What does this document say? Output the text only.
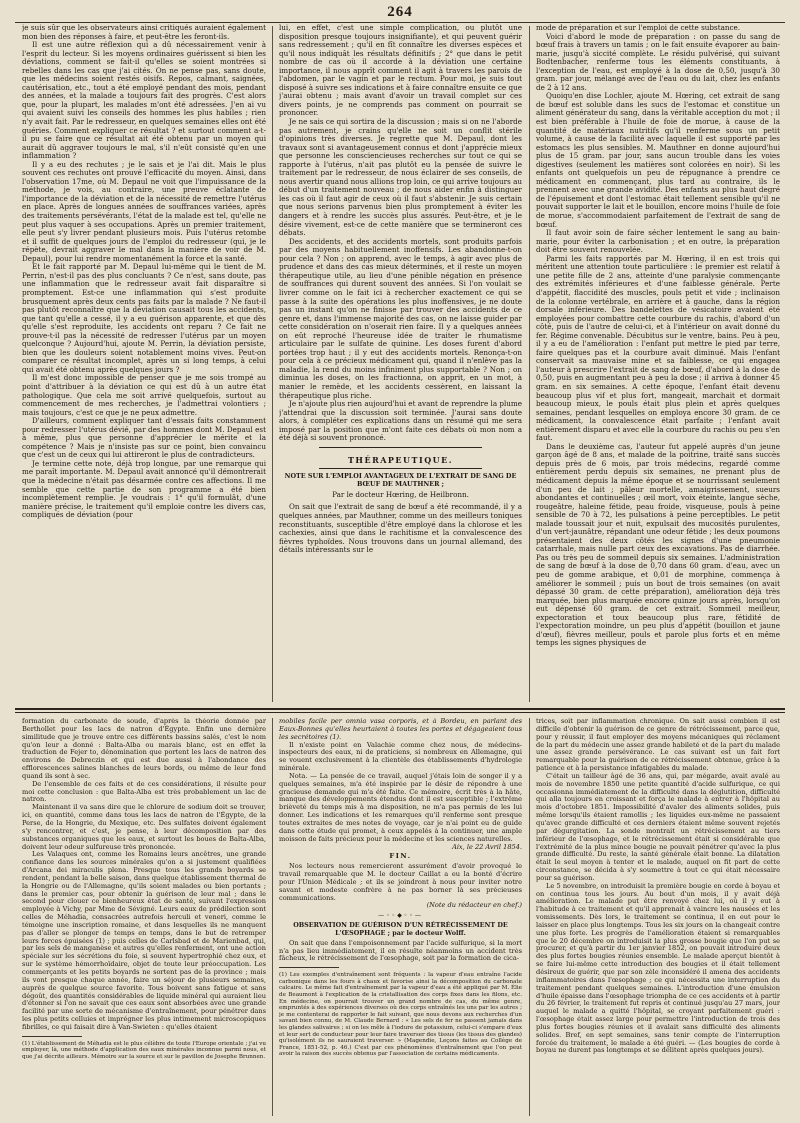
264

je suis sûr que les observateurs ainsi critiqués auraient également mon bien des réponses à faire, et peut-être les feront-ils.

Il est une autre réflexion qui a dû nécessairement venir à l'esprit du lecteur. Si les moyens ordinaires guérissent si bien les déviations, comment se fait-il qu'elles se soient montrées si rebelles dans les cas que j'ai cités. On ne pense pas, sans doute, que les médecins soient restés oisifs. Repos, calmant, saignées, cautérisation, etc., tout a été employé pendant des mois, pendant des années, et la malade a toujours fait des progrès. C'est alors que, pour la plupart, les malades m'ont été adressées. J'en ai vu qui avaient suivi les conseils des hommes les plus habiles ; rien n'y avait fait. Par le redresseur, en quelques semaines elles ont été guéries. Comment expliquer ce résultat ? et surtout comment a-t-il pu se faire que ce résultat ait été obtenu par un moyen qui aurait dû aggraver toujours le mal, s'il n'eût consisté qu'en une inflammation ?

Il y a eu des rechutes ; je le sais et je l'ai dit. Mais le plus souvent ces rechutes ont prouvé l'efficacité du moyen. Ainsi, dans l'observation 17me, où M. Depaul ne voit que l'impuissance de la méthode, je vois, au contraire, une preuve éclatante de l'importance de la déviation et de la nécessité de remettre l'utérus en place. Après de longues années de souffrances variées, après des traitements persévérants, l'état de la malade est tel, qu'elle ne peut plus vaquer à ses occupations. Après un premier traitement, elle peut s'y livrer pendant plusieurs mois. Puis l'utérus retombe et il suffit de quelques jours de l'emploi du redresseur (qui, je le répète, devrait aggraver le mal dans la manière de voir de M. Depaul), pour lui rendre momentanément la force et la santé.

Et le fait rapporté par M. Depaul lui-même qui le tient de M. Perrin, n'est-il pas des plus concluants ? Ce n'est, sans doute, pas une inflammation que le redresseur avait fait disparaître si promptement. Est-ce une inflammation qui s'est produite brusquement après deux cents pas faits par la malade ? Ne faut-il pas plutôt reconnaître que la déviation causait tous les accidents, que tant qu'elle a cessé, il y a eu guérison apparente, et que dès qu'elle s'est reproduite, les accidents ont reparu ? Ce fait ne prouve-t-il pas la nécessité de redresser l'utérus par un moyen quelconque ? Aujourd'hui, ajoute M. Perrin, la déviation persiste, bien que les douleurs soient notablement moins vives. Peut-on comparer ce résultat incomplet, après un si long temps, à celui qui avait été obtenu après quelques jours ?

Il m'est donc impossible de penser que je me sois trompé au point d'attribuer à la déviation ce qui est dû à un autre état pathologique. Que cela me soit arrivé quelquefois, surtout au commencement de mes recherches, je l'admettrai volontiers ; mais toujours, c'est ce que je ne peux admettre.

D'ailleurs, comment expliquer tant d'essais faits constamment pour redresser l'utérus dévié, par des hommes dont M. Depaul est à même, plus que personne d'apprécier le mérite et la compétence ? Mais je n'insiste pas sur ce point, bien convaincu que c'est un de ceux qui lui attireront le plus de contradicteurs.

Je termine cette note, déjà trop longue, par une remarque qui me paraît importante. M. Depaul avait annoncé qu'il démontrerait que la médecine n'était pas désarmée contre ces affections. Il me semble que cette partie de son programme a été bien incomplètement remplie. Je voudrais : 1° qu'il formulât, d'une manière précise, le traitement qu'il emploie contre les divers cas, compliqués de déviation (pour

lui, en effet, c'est une simple complication, ou plutôt une disposition presque toujours insignifiante), et qui peuvent guérir sans redressement ; qu'il en fît connaître les diverses espèces et qu'il nous indiquât les résultats définitifs ; 2° que dans le petit nombre de cas où il accorde à la déviation une certaine importance, il nous apprît comment il agit à travers les parois de l'abdomen, par le vagin et par le rectum. Pour moi, je suis tout disposé à suivre ses indications et à faire connaître ensuite ce que j'aurai obtenu ; mais avant d'avoir un travail complet sur ces divers points, je ne comprends pas comment on pourrait se prononcer.

Je ne sais ce qui sortira de la discussion ; mais si on ne l'aborde pas autrement, je crains qu'elle ne soit un conflit stérile d'opinions très diverses. Je regrette que M. Depaul, dont les travaux sont si avantageusement connus et dont j'apprécie mieux que personne les consciencieuses recherches sur tout ce qui se rapporte à l'utérus, n'ait pas plutôt eu la pensée de suivre le traitement par le redresseur, de nous éclairer de ses conseils, de nous avertir quand nous allions trop loin, ce qui arrive toujours au début d'un traitement nouveau ; de nous aider enfin à distinguer les cas où il faut agir de ceux où il faut s'abstenir. Je suis certain que nous serions parvenus bien plus promptement à éviter les dangers et à rendre les succès plus assurés. Peut-être, et je le désire vivement, est-ce de cette manière que se termineront ces débats.

Des accidents, et des accidents mortels, sont produits parfois par des moyens habituellement inoffensifs. Les abandonne-t-on pour cela ? Non ; on apprend, avec le temps, à agir avec plus de prudence et dans des cas mieux déterminés, et il reste un moyen thérapeutique utile, au lieu d'une pénible négation en présence de souffrances qui durent souvent des années. Si l'on voulait se livrer comme on le fait ici à rechercher exactement ce qui se passe à la suite des opérations les plus inoffensives, je ne doute pas un instant qu'on ne finisse par trouver des accidents de ce genre et, dans l'immense majorité des cas, on ne laisse guider par cette considération on n'oserait rien faire. Il y a quelques années on eût reproché l'heureuse idée de traiter le rhumatisme articulaire par le sulfate de quinine. Les doses furent d'abord portées trop haut ; il y eut des accidents mortels. Renonça-t-on pour cela à ce précieux médicament qui, quand il n'enlève pas la maladie, la rend du moins infiniment plus supportable ? Non ; on diminua les doses, on les fractionna, on apprit, en un mot, à manier le remède, et les accidents cessèrent, en laissant la thérapeutique plus riche.

Je n'ajoute plus rien aujourd'hui et avant de reprendre la plume j'attendrai que la discussion soit terminée. J'aurai sans doute alors, à compléter ces explications dans un résumé qui me sera imposé par la position que m'ont faite ces débats où mon nom a été déjà si souvent prononcé.

THÉRAPEUTIQUE.
NOTE SUR L'EMPLOI AVANTAGEUX DE L'EXTRAIT DE SANG DE BŒUF DE MAUTHNER ;
Par le docteur Hœring, de Heilbronn.

On sait que l'extrait de sang de bœuf a été recommandé, il y a quelques années, par Mauthner, comme un des meilleurs toniques reconstituants, susceptible d'être employé dans la chlorose et les cachexies, ainsi que dans le rachitisme et la convalescence des fièvres typhoïdes. Nous trouvons dans un journal allemand, des détails intéressants sur le

mode de préparation et sur l'emploi de cette substance.

Voici d'abord le mode de préparation : on passe du sang de bœuf frais à travers un tamis ; on le fait ensuite évaporer au bain-marie, jusqu'à siccité complète. Le résidu pulvérisé, qui suivant Bodtenbacher, renferme tous les éléments constituants, à l'exception de l'eau, est employé à la dose de 0,50, jusqu'à 30 gram. par jour, mélangé avec de l'eau ou du lait, chez les enfants de 2 à 12 ans.

Quoiqu'en dise Lochler, ajoute M. Hœring, cet extrait de sang de bœuf est soluble dans les sucs de l'estomac et constitue un aliment générateur du sang, dans la véritable acception du mot ; il est bien préférable à l'huile de foie de morue, à cause de la quantité de matériaux nutritifs qu'il renferme sous un petit volume, à cause de la facilité avec laquelle il est supporté par les estomacs les plus sensibles. M. Mauthner en donne aujourd'hui plus de 15 gram. par jour, sans aucun trouble dans les voies digestives (seulement les matières sont colorées en noir). Si les enfants ont quelquefois un peu de répugnance à prendre ce médicament en commençant, plus tard au contraire, ils le prennent avec une grande avidité. Des enfants au plus haut degré de l'épuisement et dont l'estomac était tellement sensible qu'il ne pouvait supporter le lait et le bouillon, encore moins l'huile de foie de morue, s'accommodaient parfaitement de l'extrait de sang de bœuf.

Il faut avoir soin de faire sécher lentement le sang au bain-marie, pour éviter la carbonisation ; et en outre, la préparation doit être souvent renouvelée.

Parmi les faits rapportés par M. Hœring, il en est trois qui méritent une attention toute particulière : le premier est relatif à une petite fille de 2 ans, atteinte d'une paralysie commençante des extrémités inférieures et d'une faiblesse générale. Perte d'appétit, flaccidité des muscles, pouls petit et vide ; inclinaison de la colonne vertébrale, en arrière et à gauche, dans la région dorsale inférieure. Des bandelettes de vésicatoire avaient été employées pour combattre cette courbure du rachis, d'abord d'un côté, puis de l'autre de celui-ci, et à l'intérieur on avait donné du fer. Régime convenable. Décubitus sur le ventre, bains. Peu à peu, il y a eu de l'amélioration : l'enfant put mettre le pied par terre, faire quelques pas et la courbure avait diminué. Mais l'enfant conservait sa mauvaise mine et sa faiblesse, ce qui engagea l'auteur à prescrire l'extrait de sang de bœuf, d'abord à la dose de 0,50, puis en augmentant peu à peu la dose ; il arriva à donner 45 gram. en six semaines. A cette époque, l'enfant était devenu beaucoup plus vif et plus fort, mangeait, marchait et dormait beaucoup mieux, le pouls était plus plein et après quelques semaines, pendant lesquelles on employa encore 30 gram. de ce médicament, la convalescence était parfaite ; l'enfant avait entièrement disparu et avec elle la courbure du rachis ou peu s'en faut.

Dans le deuxième cas, l'auteur fut appelé auprès d'un jeune garçon âgé de 8 ans, et malade de la poitrine, traité sans succès depuis près de 6 mois, par trois médecins, regardé comme entièrement perdu depuis six semaines, ne prenant plus de médicament depuis la même époque et se nourrissant seulement d'un peu de lait ; pâleur mortelle, amaigrissement, sueurs abondantes et continuelles ; œil mort, voix éteinte, langue sèche, rougeâtre, haleine fétide, peau froide, visqueuse, pouls à peine sensible de 70 à 72, les pulsations à peine perceptibles. Le petit malade toussait jour et nuit, expulsait des mucosités purulentes, d'un vert-jaunâtre, répandant une odeur fétide ; les deux poumons présentaient des deux côtés les signes d'une pneumonie catarrhale, mais nulle part ceux des excavations. Pas de diarrhée. Pas ou très peu de sommeil depuis six semaines. L'administration de sang de bœuf à la dose de 0,70 dans 60 gram. d'eau, avec un peu de gomme arabique, et 0,01 de morphine, commença à améliorer le sommeil ; puis un bout de trois semaines (on avait dépassé 30 gram. de cette préparation), amélioration déjà très marquée, bien plus marquée encore quinze jours après, lorsqu'on eut dépensé 60 gram. de cet extrait. Sommeil meilleur, expectoration et toux beaucoup plus rare, fétidité de l'expectoration moindre, un peu plus d'appétit (bouillon et jaune d'œuf), fièvres meilleur, pouls et parole plus forts et en même temps les signes physiques de

formation du carbonate de soude, d'après la théorie donnée par Berthollet pour les lacs de natron d'Égypte. Enfin une dernière similitude que je trouve entre ces différents bassins salés, c'est le nom qu'on leur a donné : Balta-Alba ou marais blanc, est en effet la traduction de Fejer to, dénomination que portent les lacs de natron des environs de Debreczin et qui est due aussi à l'abondance des efflorescences salines blanches de leurs bords, ou même de leur fond quand ils sont à sec.

De l'ensemble de ces faits et de ces considérations, il résulte pour moi cette conclusion : que Balta-Alba est très probablement un lac de natron.

Maintenant il va sans dire que le chlorure de sodium doit se trouver, ici, en quantité, comme dans tous les lacs de natron de l'Égypte, de la Perse, de la Hongrie, du Mexique, etc. Des sulfates doivent également s'y rencontrer, et c'est, je pense, à leur décomposition par des substances organiques que les eaux, et surtout les boues de Balta-Alba, doivent leur odeur sulfureuse très prononcée.

Les Valaques ont, comme les Romains leurs ancêtres, une grande confiance dans les sources minérales qu'on a si justement qualifiées d'Arcana dei miraculis plena. Presque tous les grands boyards se rendent, pendant la belle saison, dans quelque établissement thermal de la Hongrie ou de l'Allemagne, qu'ils soient malades ou bien portants ; dans le premier cas, pour obtenir la guérison de leur mal ; dans le second pour clouer ce bienheureux état de santé, suivant l'expression employée à Vichy, par Mme de Sévigné. Leurs eaux de prédilection sont celles de Méhadia, consacrées autrefois herculi et veneri, comme le témoigne une inscription romaine, et dans lesquelles ils ne manquent pas d'aller se plonger de temps en temps, dans le but de retremper leurs forces épuisées (1) ; puis celles de Carlsbad et de Marienbad, qui, par les sels de manganèse et autres qu'elles renferment, ont une action spéciale sur les sécrétions du foie, si souvent hypertrophié chez eux, et sur le système hémorrhoïdaire, objet de toute leur préoccupation. Les commerçants et les petits boyards ne sortent pas de la province ; mais ils vont presque chaque année, faire un séjour de plusieurs semaines, auprès de quelque source favorite. Tous boivent sans fatigue et sans dégoût, des quantités considérables de liquide minéral qui auraient lieu d'étonner si l'on ne savait que ces eaux sont absorbées avec une grande facilité par une sorte de mécanisme d'entraînement, pour pénétrer dans les plus petits celluies et imprégner les plus intimement microscopiques fibrilles, ce qui faisait dire à Van-Swieten : qu'elles étaient

(1) L'établissement de Méhadia est le plus célèbre de toute l'Europe orientale ; j'ai vu employer, là, une méthode d'application des eaux minérales inconnue parmi nous, et que j'ai décrite ailleurs. Mémoire sur la source et sur le pavillon de Josephe Brunnen.

mobiles facile per omnia vasa corporis, et à Bordeu, en parlant des Eaux-Bonnes qu'elles heurtaient à toutes les portes et dégageaient tous les secrétoires (1).

Il n'existe point en Valachie comme chez nous, de médecins-inspecteurs des eaux, ni de praticiens, si nombreux en Allemagne, qui se vouent exclusivement à la clientèle des établissements d'hydrologie minérale.

Nota. — La pensée de ce travail, auquel j'étais loin de songer il y a quelques semaines, m'a été inspirée par le désir de répondre à une gracieuse demande qui m'a été faite. Ce mémoire, écrit très à la hâte, manque des développements étendus dont il est susceptible ; l'extrême brièveté du temps mis à ma disposition, ne m'a pas permis de les lui donner. Les indications et les remarques qu'il renferme sont presque toutes extraites de mes notes de voyage, car je n'ai point eu de guide dans cette étude qui promet, à ceux appelés à la continuer, une ample moisson de faits précieux pour la médecine et les sciences naturelles.

Aix, le 22 Avril 1854.
FIN.

Nos lecteurs nous remercieront assurément d'avoir provoqué le travail remarquable que M. le docteur Caillat a eu la bonté d'écrire pour l'Union Médicale ; et ils se joindront à nous pour inviter notre savant et modeste confrère à ne pas borner là ses précieuses communications.

(Note du rédacteur en chef.)
—◦◦◆◦◦—
OBSERVATION DE GUÉRISON D'UN RÉTRÉCISSEMENT DE L'ŒSOPHAGE ; par le docteur Wolff.

On sait que dans l'empoisonnement par l'acide sulfurique, si la mort n'a pas lieu immédiatement, il en résulte néanmoins un accident très fâcheux, le rétrécissement de l'œsophage, soit par la formation de cica-

(1) Les exemples d'entraînement sont fréquents : la vapeur d'eau entraîne l'acide carbonique dans les fours à chaux et favorise ainsi la décomposition du carbonate calcaire. Le même fait d'entraînement par la vapeur d'eau a été appliqué par M. Élie de Beaumont à l'explication de la cristallisation des corps fixes dans les filons, etc. En médecine, on pourrait trouver un grand nombre de cas, du même genre, empruntés à des expériences diverses où des corps entraînés les uns par les autres ; je me contenterai de rapporter le fait suivant, que nous devons aux recherches d'un savant bien connu, de M. Claude Bernard : « Les sels de fer ne passent jamais dans les glandes salivaires ; si on les mêle à l'iodure de potassium, celui-ci s'empare d'eux et leur sert de conducteur pour leur faire traverser des tissus (les tissus des glandes) qu'isolément ils ne sauraient traverser. » (Magendie, Leçons faites au Collège de France, 1851-52, p. 46.) C'est par ces phénomènes d'entraînement que l'on peut avoir la raison des succès obtenus par l'association de certains médicaments.

trices, soit par inflammation chronique. On sait aussi combien il est difficile d'obtenir la guérison de ce genre de rétrécissement, parce que, pour y réussir, il faut employer des moyens mécaniques qui réclament de la part du médecin une assez grande habileté et de la part du malade une assez grande persévérance. Le cas suivant est un fait fort remarquable pour la guérison de ce rétrécissement obtenue, grâce à la patience et à la persistance infatigables du malade.

C'était un tailleur âgé de 36 ans, qui, par mégarde, avait avalé au mois de novembre 1850 une petite quantité d'acide sulfurique, ce qui occasionna immédiatement de la difficulté dans la déglutition, difficulté qui alla toujours en croissant et força le malade à entrer à l'hôpital au mois d'octobre 1851. Impossibilité d'avaler des aliments solides, puis même lorsqu'ils étaient ramollis ; les liquides eux-même ne passaient qu'avec grande difficulté et ces derniers étaient même souvent rejetés par dégurgitation. La sonde montrait un rétrécissement au tiers inférieur de l'œsophage, et le rétrécissement était si considérable que l'extrémité de la plus mince bougie ne pouvait pénétrer qu'avec la plus grande difficulté. Du reste, la santé générale était bonne. La dilatation était le seul moyen à tenter et le malade, auquel on fit part de cette circonstance, se décida à s'y soumettre à tout ce qui était nécessaire pour sa guérison.

Le 5 novembre, on introduisit la première bougie en corde à boyau et on continua tous les jours. Au bout d'un mois, il y avait déjà amélioration. Le malade put être renvoyé chez lui, où il y eut à l'habitude à ce traitement et qu'il apprenait à vaincre les nausées et les vomissements. Dès lors, le traitement se continua, il en eut pour le laisser en place plus longtemps. Tous les six jours on la changeait contre une plus forte. Les progrès de l'amélioration étaient si remarquables que le 20 décembre on introduisit la plus grosse bougie que l'on put se procurer, et qu'à partir du 1er janvier 1852, on pouvait introduire deux des plus fortes bougies réunies ensemble. Le malade aperçut bientôt à se faire lui-même cette introduction des bougies et il était tellement désireux de guérir, que par son zèle inconsidéré il amena des accidents inflammatoires dans l'œsophage ; ce qui nécessita une interruption du traitement pendant quelques semaines. L'introduction d'une émulsion d'huile épaisse dans l'œsophage triompha de ce ces accidents et à partir du 26 février, le traitement fut repris et continué jusqu'au 27 mars, jour auquel le malade a quitté l'hôpital, se croyant parfaitement guéri : l'œsophage était assez large pour permettre l'introduction de trois des plus fortes bougies réunies et il avalait sans difficulté des aliments solides. Bref, en sept semaines, sans tenir compte de l'interruption forcée du traitement, le malade a été guéri. — (Les bougies de corde à boyau ne durent pas longtemps et se délitent après quelques jours).
